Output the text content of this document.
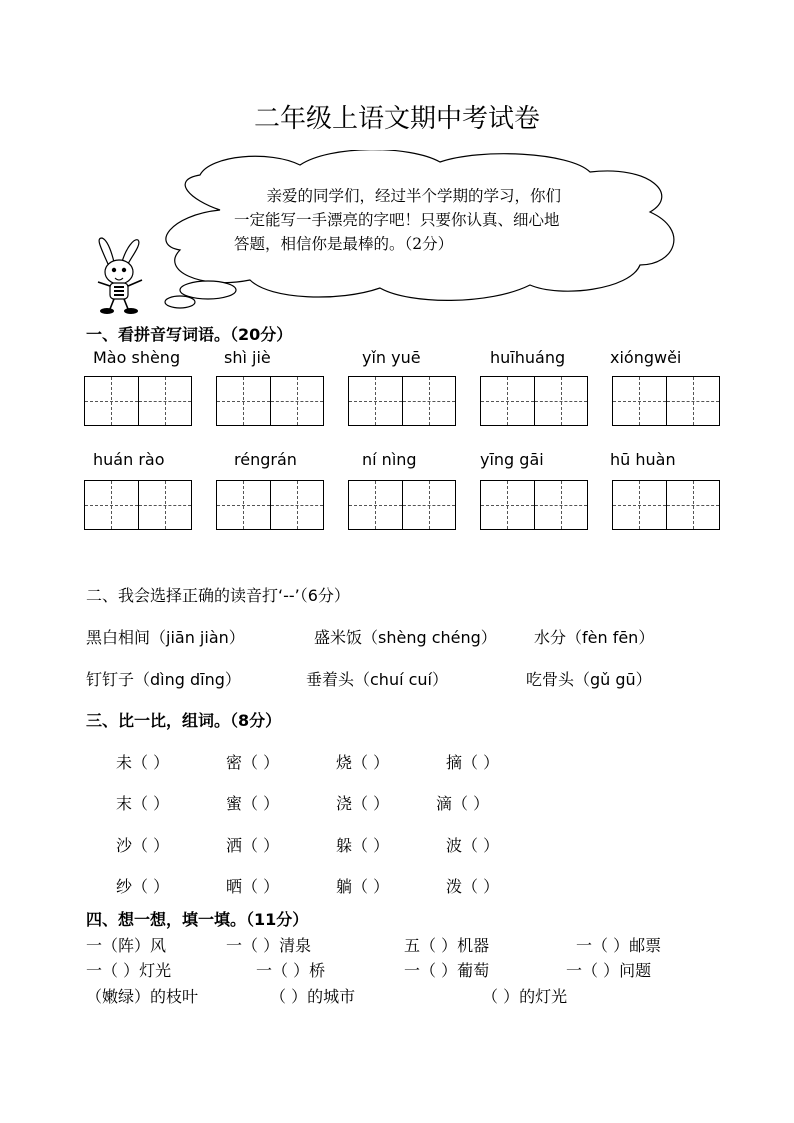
二年级上语文期中考试卷

亲爱的同学们，经过半个学期的学习，你们一定能写一手漂亮的字吧！只要你认真、细心地答题，相信你是最棒的。（2分）

一、看拼音写词语。（20分）
Mào shèng	shì jiè	yǐn yuē	huīhuáng	xióngwěi
huán rào	réngrán	ní nìng	yīng gāi	hū huàn
二、我会选择正确的读音打‘--’（6分）
黑白相间（jiān jiàn）	盛米饭（shèng chéng） 水分（fèn fēn）
钉钉子（dìng dīng）	垂着头（chuí cuí）	吃骨头（gǔ gū）
三、比一比，组词。（8分）
未（ ）	密（ ）	烧（ ）	摘（ ）
末（ ）	蜜（ ）	浇（ ）	滴（ ）
沙（ ）	洒（ ）	躲（ ）	波（ ）
纱（ ）	晒（ ）	躺（ ）	泼（ ）
四、想一想，填一填。（11分）
一（阵）风	一（ ）清泉	五（ ）机器	一（ ）邮票
一（ ）灯光	一（ ）桥	一（ ）葡萄	一（ ）问题
（嫩绿）的枝叶	（ ）的城市	（ ）的灯光
